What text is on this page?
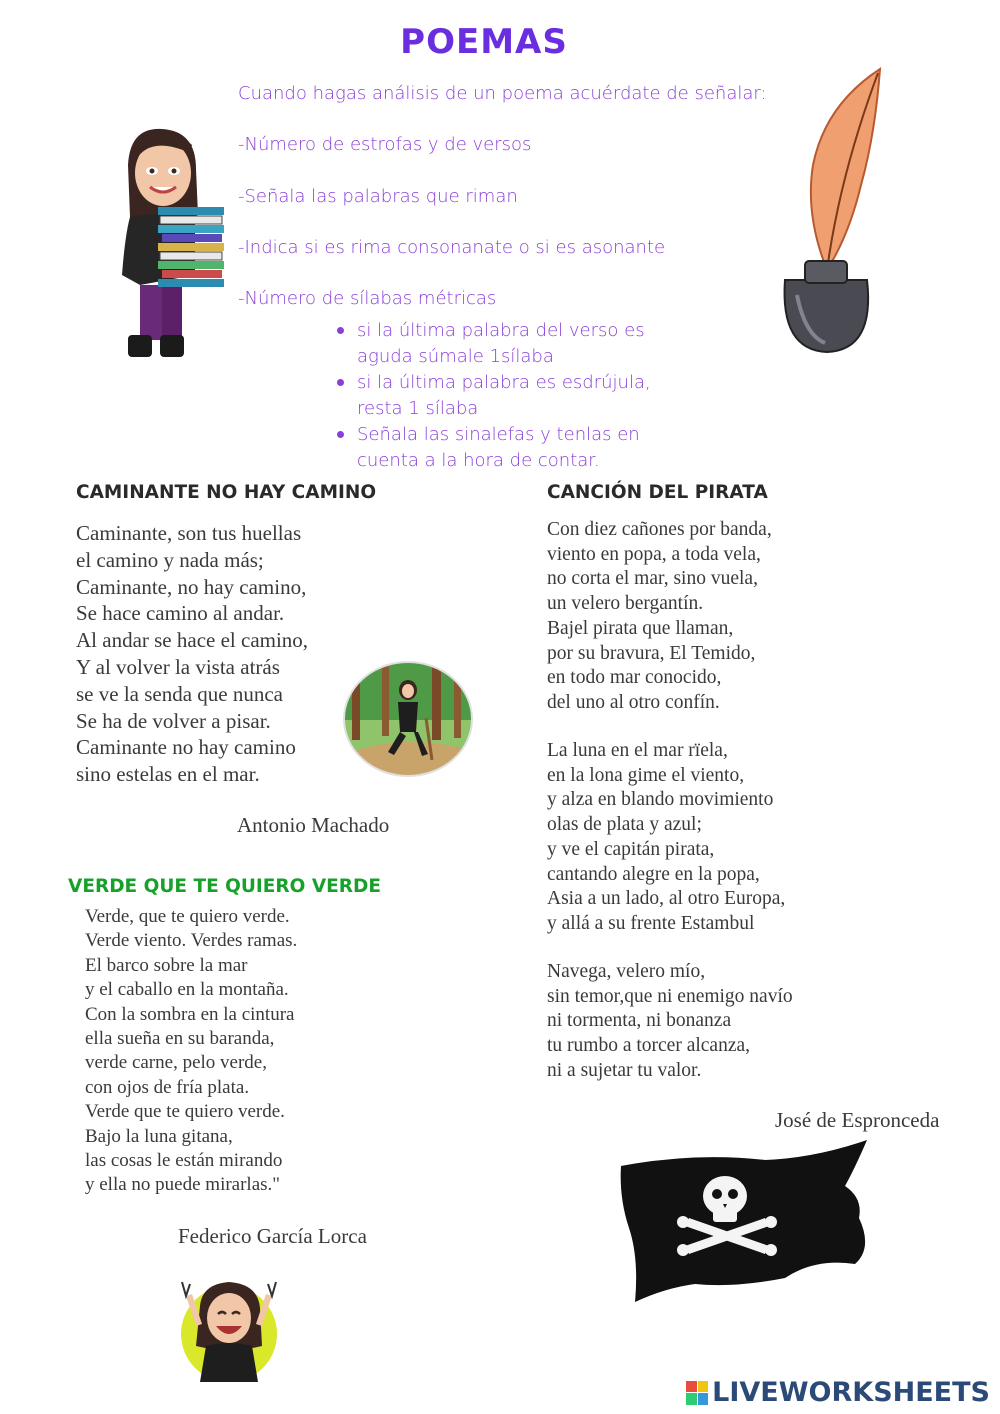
POEMAS
Cuando hagas análisis de un poema acuérdate de señalar:
-Número de estrofas y de versos
-Señala las palabras que riman
-Indica si es rima consonanate o si es asonante
-Número de sílabas métricas
si la última palabra del verso es aguda súmale 1sílaba
si la última palabra es esdrújula, resta 1 sílaba
Señala las sinalefas y tenlas en cuenta a la hora de contar.
CAMINANTE NO HAY CAMINO
Caminante, son tus huellas
el camino y nada más;
Caminante, no hay camino,
Se hace camino al andar.
Al andar se hace el camino,
Y al volver la vista atrás
se ve la senda que nunca
Se ha de volver a pisar.
Caminante no hay camino
sino estelas en el mar.
Antonio Machado
VERDE QUE TE QUIERO VERDE
Verde, que te quiero verde.
Verde viento. Verdes ramas.
El barco sobre la mar
y el caballo en la montaña.
Con la sombra en la cintura
ella sueña en su baranda,
verde carne, pelo verde,
con ojos de fría plata.
Verde que te quiero verde.
Bajo la luna gitana,
las cosas le están mirando
y ella no puede mirarlas."
Federico García Lorca
CANCIÓN DEL PIRATA
Con diez cañones por banda,
viento en popa, a toda vela,
no corta el mar, sino vuela,
un velero bergantín.
Bajel pirata que llaman,
por su bravura, El Temido,
en todo mar conocido,
del uno al otro confín.
La luna en el mar rïela,
en la lona gime el viento,
y alza en blando movimiento
olas de plata y azul;
y ve el capitán pirata,
cantando alegre en la popa,
Asia a un lado, al otro Europa,
y allá a su frente Estambul
Navega, velero mío,
sin temor,que ni enemigo navío
ni tormenta, ni bonanza
tu rumbo a torcer alcanza,
ni a sujetar tu valor.
José de Espronceda
LIVEWORKSHEETS
